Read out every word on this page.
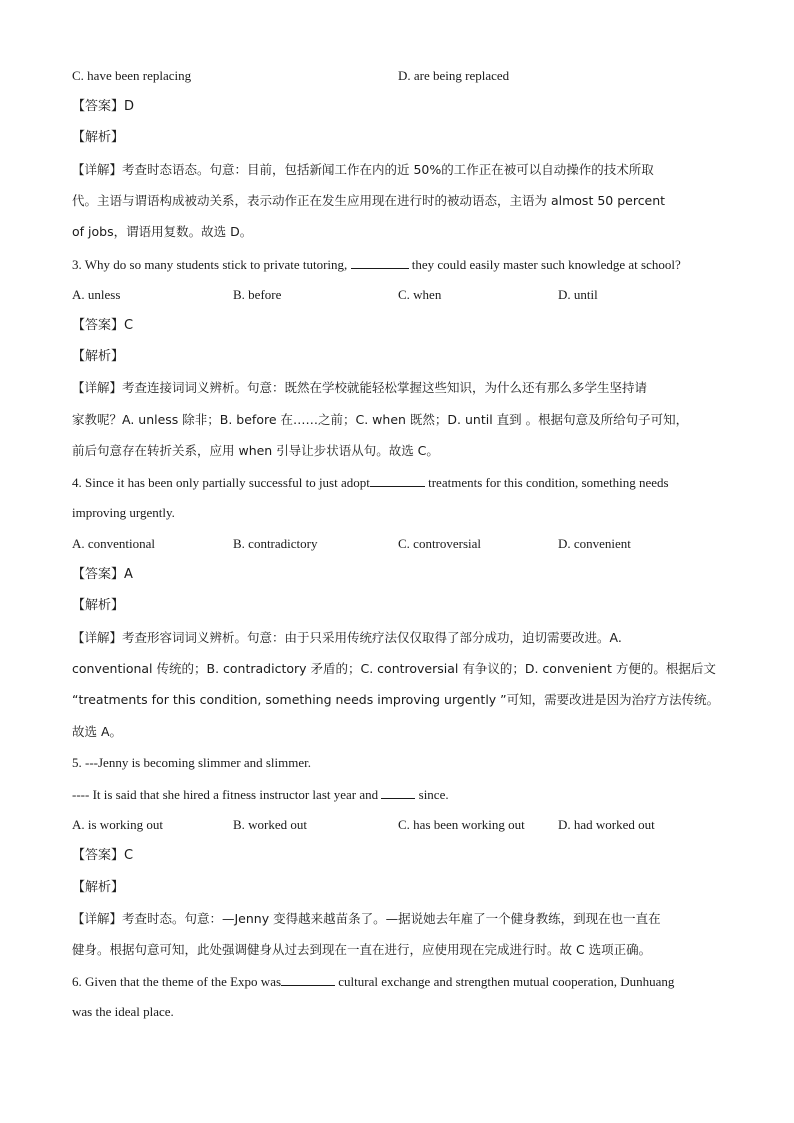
C. have been replacing	D. are being replaced
【答案】D
【解析】
【详解】考查时态语态。句意：目前，包括新闻工作在内的近 50%的工作正在被可以自动操作的技术所取
代。主语与谓语构成被动关系，表示动作正在发生应用现在进行时的被动语态，主语为 almost 50 percent
of jobs，谓语用复数。故选 D。
3. Why do so many students stick to private tutoring,	they could easily master such knowledge at school?
A. unless	B. before	C. when	D. until
【答案】C
【解析】
【详解】考查连接词词义辨析。句意：既然在学校就能轻松掌握这些知识，为什么还有那么多学生坚持请
家教呢？A. unless 除非；B. before 在……之前；C. when 既然；D. until 直到 。根据句意及所给句子可知，
前后句意存在转折关系，应用 when 引导让步状语从句。故选 C。
4. Since it has been only partially successful to just adopt	treatments for this condition, something needs
improving urgently.
A. conventional	B. contradictory	C. controversial	D. convenient
【答案】A
【解析】
【详解】考查形容词词义辨析。句意：由于只采用传统疗法仅仅取得了部分成功，迫切需要改进。A.
conventional 传统的；B. contradictory 矛盾的；C. controversial 有争议的；D. convenient 方便的。根据后文
“treatments for this condition, something needs improving urgently ”可知，需要改进是因为治疗方法传统。
故选 A。
5. ---Jenny is becoming slimmer and slimmer.
---- It is said that she hired a fitness instructor last year and	since.
A. is working out	B. worked out	C. has been working out	D. had worked out
【答案】C
【解析】
【详解】考查时态。句意：—Jenny 变得越来越苗条了。—据说她去年雇了一个健身教练，到现在也一直在
健身。根据句意可知，此处强调健身从过去到现在一直在进行，应使用现在完成进行时。故 C 选项正确。
6. Given that the theme of the Expo was	cultural exchange and strengthen mutual cooperation, Dunhuang
was the ideal place.
